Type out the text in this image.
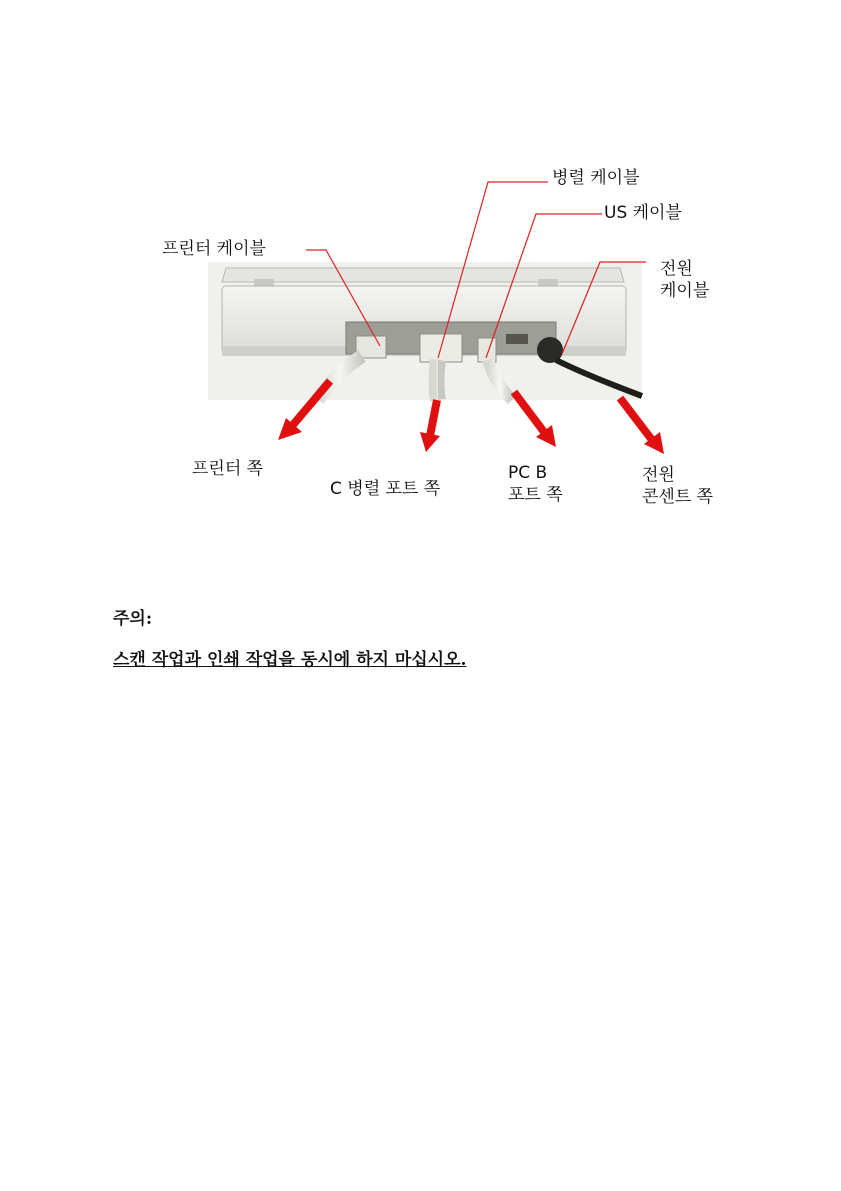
병렬 케이블
US 케이블
프린터 케이블
전원
케이블
프린터 쪽
C 병렬 포트 쪽
PC B
포트 쪽
전원
콘센트 쪽
주의:
스캔 작업과 인쇄 작업을 동시에 하지 마십시오.
